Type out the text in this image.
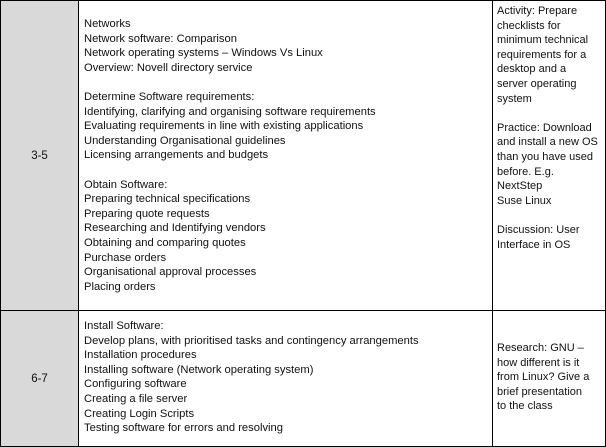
3-5
Networks
Network software: Comparison
Network operating systems – Windows Vs Linux
Overview: Novell directory service
Determine Software requirements:
Identifying, clarifying and organising software requirements
Evaluating requirements in line with existing applications
Understanding Organisational guidelines
Licensing arrangements and budgets
Obtain Software:
Preparing technical specifications
Preparing quote requests
Researching and Identifying vendors
Obtaining and comparing quotes
Purchase orders
Organisational approval processes
Placing orders
Activity: Prepare
checklists for
minimum technical
requirements for a
desktop and a
server operating
system
Practice: Download
and install a new OS
than you have used
before. E.g.
NextStep
Suse Linux
Discussion: User
Interface in OS
6-7
Install Software:
Develop plans, with prioritised tasks and contingency arrangements
Installation procedures
Installing software (Network operating system)
Configuring software
Creating a file server
Creating Login Scripts
Testing software for errors and resolving
Research: GNU –
how different is it
from Linux? Give a
brief presentation
to the class
